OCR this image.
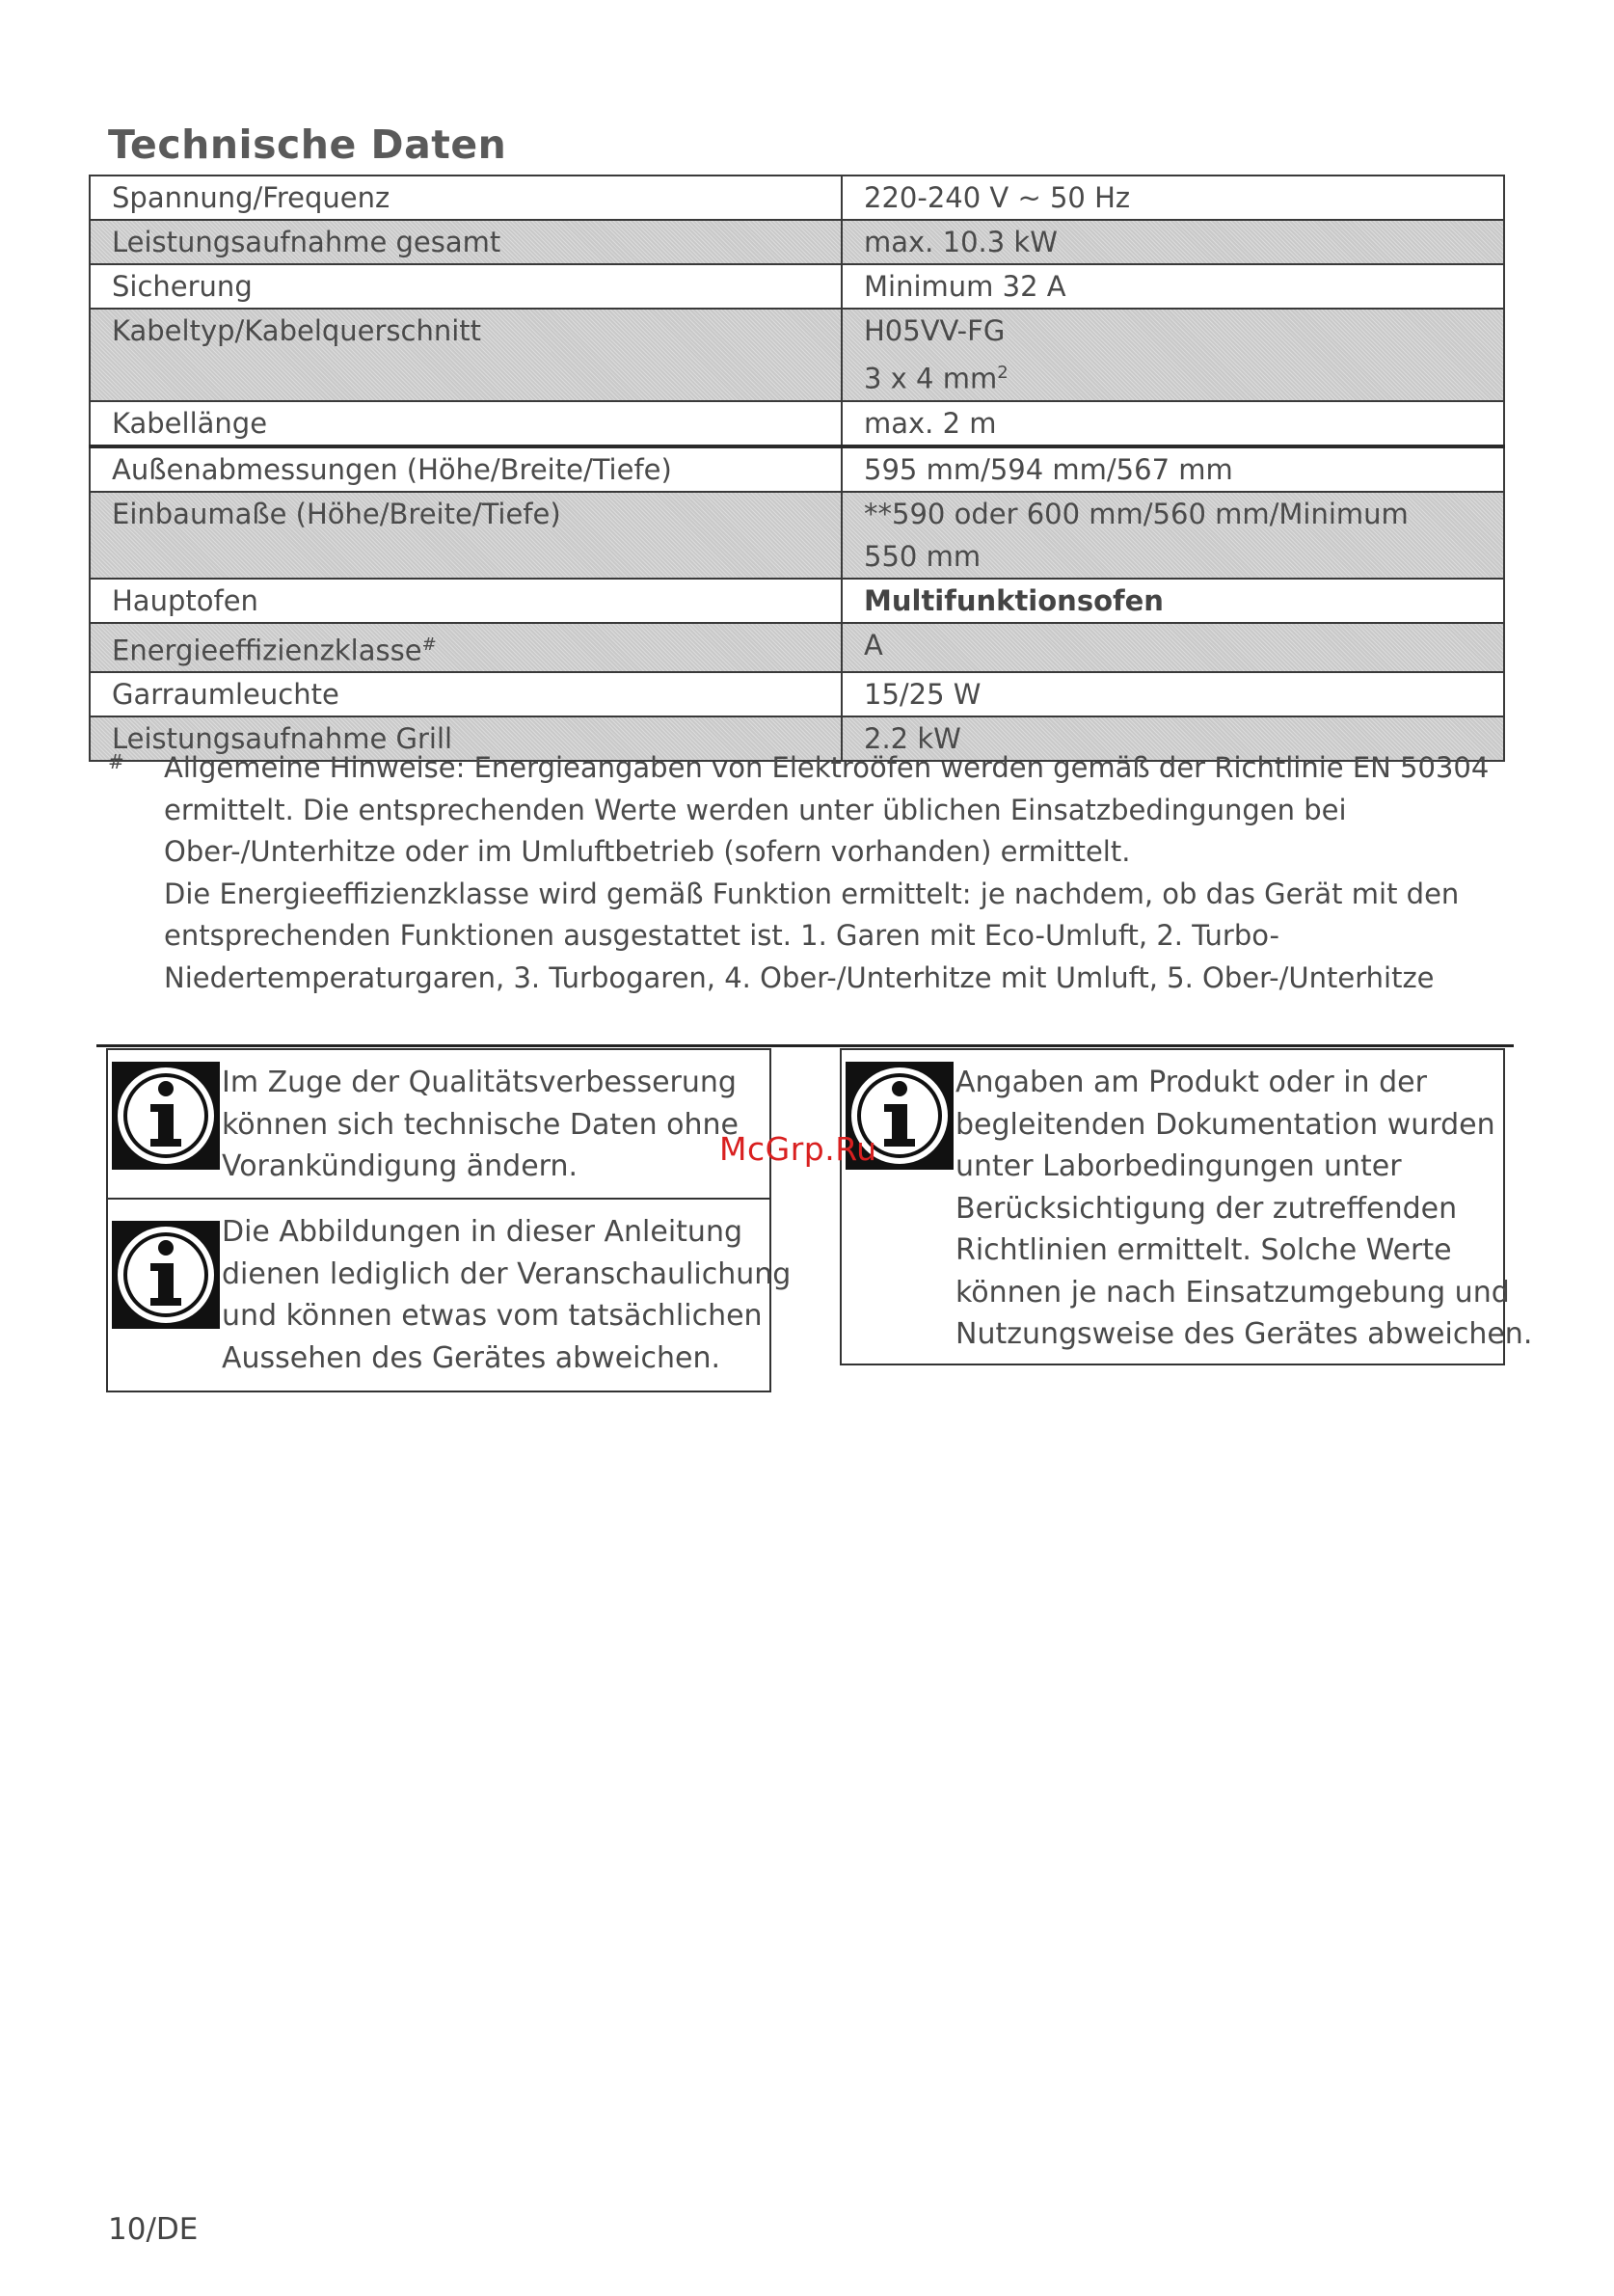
Technische Daten
Spannung/Frequenz	220-240 V ~ 50 Hz
Leistungsaufnahme gesamt	max. 10.3 kW
Sicherung	Minimum 32 A
Kabeltyp/Kabelquerschnitt	H05VV-FG
3 x 4 $mm^2$

Kabellänge	max. 2 m
Außenabmessungen (Höhe/Breite/Tiefe)	595 mm/594 mm/567 mm
Einbaumaße (Höhe/Breite/Tiefe)	**590 oder 600 mm/560 mm/Minimum
550 mm

Hauptofen	Multifunktionsofen
Energieeffizienzklasse#	A
Garraumleuchte	15/25 W
Leistungsaufnahme Grill	2.2 kW
# Allgemeine Hinweise: Energieangaben von Elektroöfen werden gemäß der Richtlinie EN 50304 ermittelt. Die entsprechenden Werte werden unter üblichen Einsatzbedingungen bei Ober-/Unterhitze oder im Umluftbetrieb (sofern vorhanden) ermittelt.

Die Energieeffizienzklasse wird gemäß Funktion ermittelt: je nachdem, ob das Gerät mit den entsprechenden Funktionen ausgestattet ist. 1. Garen mit Eco-Umluft, 2. Turbo-Niedertemperaturgaren, 3. Turbogaren, 4. Ober-/Unterhitze mit Umluft, 5. Ober-/Unterhitze

Im Zuge der Qualitätsverbesserung
können sich technische Daten ohne
Vorankündigung ändern.
Die Abbildungen in dieser Anleitung
dienen lediglich der Veranschaulichung
und können etwas vom tatsächlichen
Aussehen des Gerätes abweichen.
Angaben am Produkt oder in der
begleitenden Dokumentation wurden
unter Laborbedingungen unter
Berücksichtigung der zutreffenden
Richtlinien ermittelt. Solche Werte
können je nach Einsatzumgebung und
Nutzungsweise des Gerätes abweichen.
McGrp.Ru
10/DE
